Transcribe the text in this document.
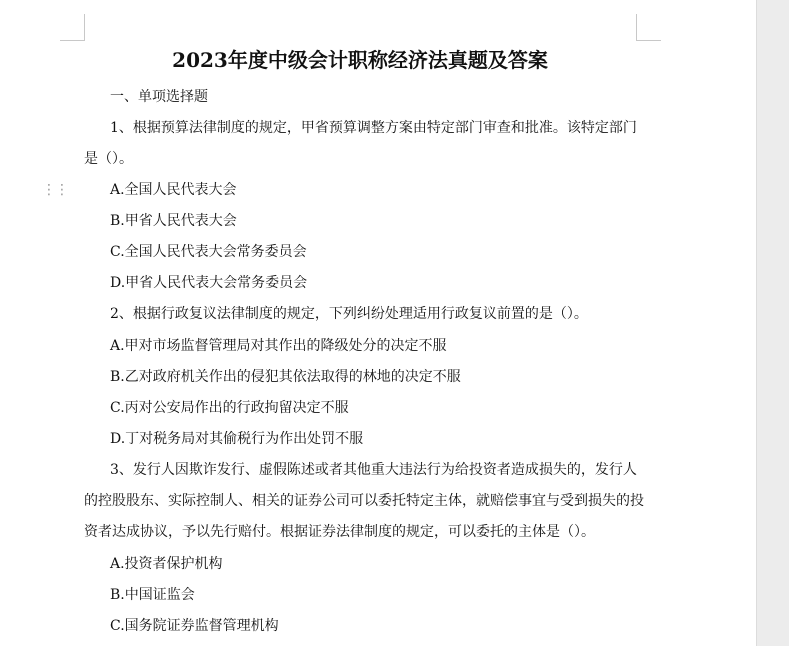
⋮⋮
2023年度中级会计职称经济法真题及答案
一、单项选择题
1、根据预算法律制度的规定，甲省预算调整方案由特定部门审查和批准。该特定部门
是（）。
A.全国人民代表大会
B.甲省人民代表大会
C.全国人民代表大会常务委员会
D.甲省人民代表大会常务委员会
2、根据行政复议法律制度的规定，下列纠纷处理适用行政复议前置的是（）。
A.甲对市场监督管理局对其作出的降级处分的决定不服
B.乙对政府机关作出的侵犯其依法取得的林地的决定不服
C.丙对公安局作出的行政拘留决定不服
D.丁对税务局对其偷税行为作出处罚不服
3、发行人因欺诈发行、虚假陈述或者其他重大违法行为给投资者造成损失的，发行人
的控股股东、实际控制人、相关的证券公司可以委托特定主体，就赔偿事宜与受到损失的投
资者达成协议，予以先行赔付。根据证券法律制度的规定，可以委托的主体是（）。
A.投资者保护机构
B.中国证监会
C.国务院证券监督管理机构
